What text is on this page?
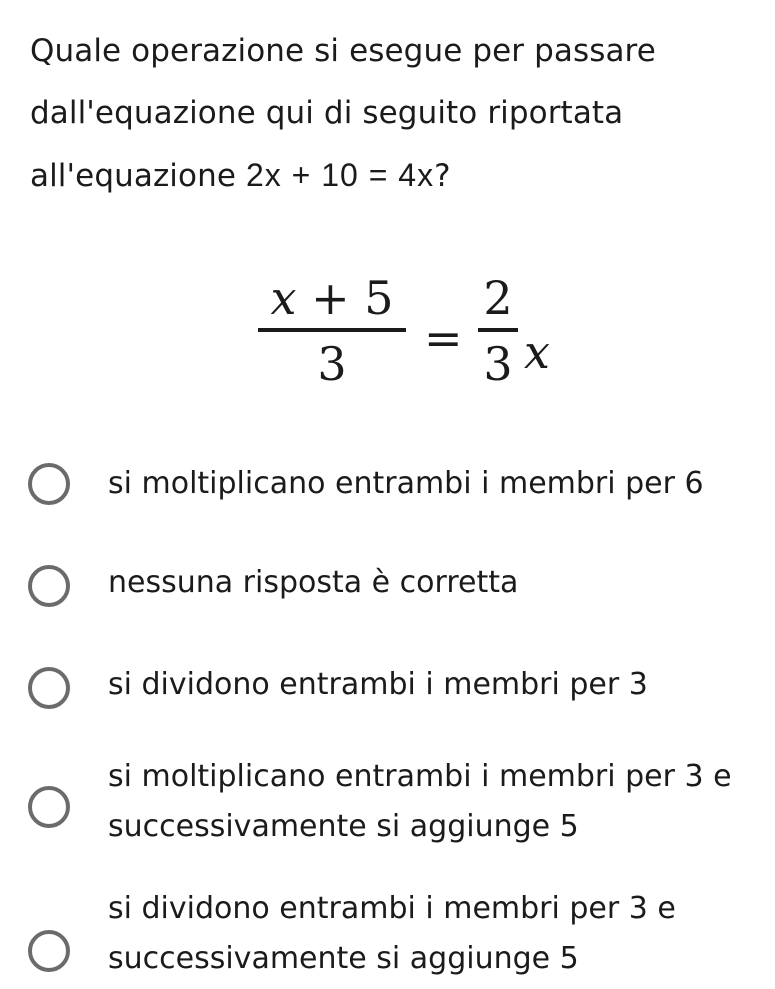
Quale operazione si esegue per passare
dall'equazione qui di seguito riportata
all'equazione 2x + 10 = 4x?
x + 5
3	=
2
3 x
si moltiplicano entrambi i membri per 6
nessuna risposta è corretta
si dividono entrambi i membri per 3
si moltiplicano entrambi i membri per 3 e successivamente si aggiunge 5
si dividono entrambi i membri per 3 e successivamente si aggiunge 5
